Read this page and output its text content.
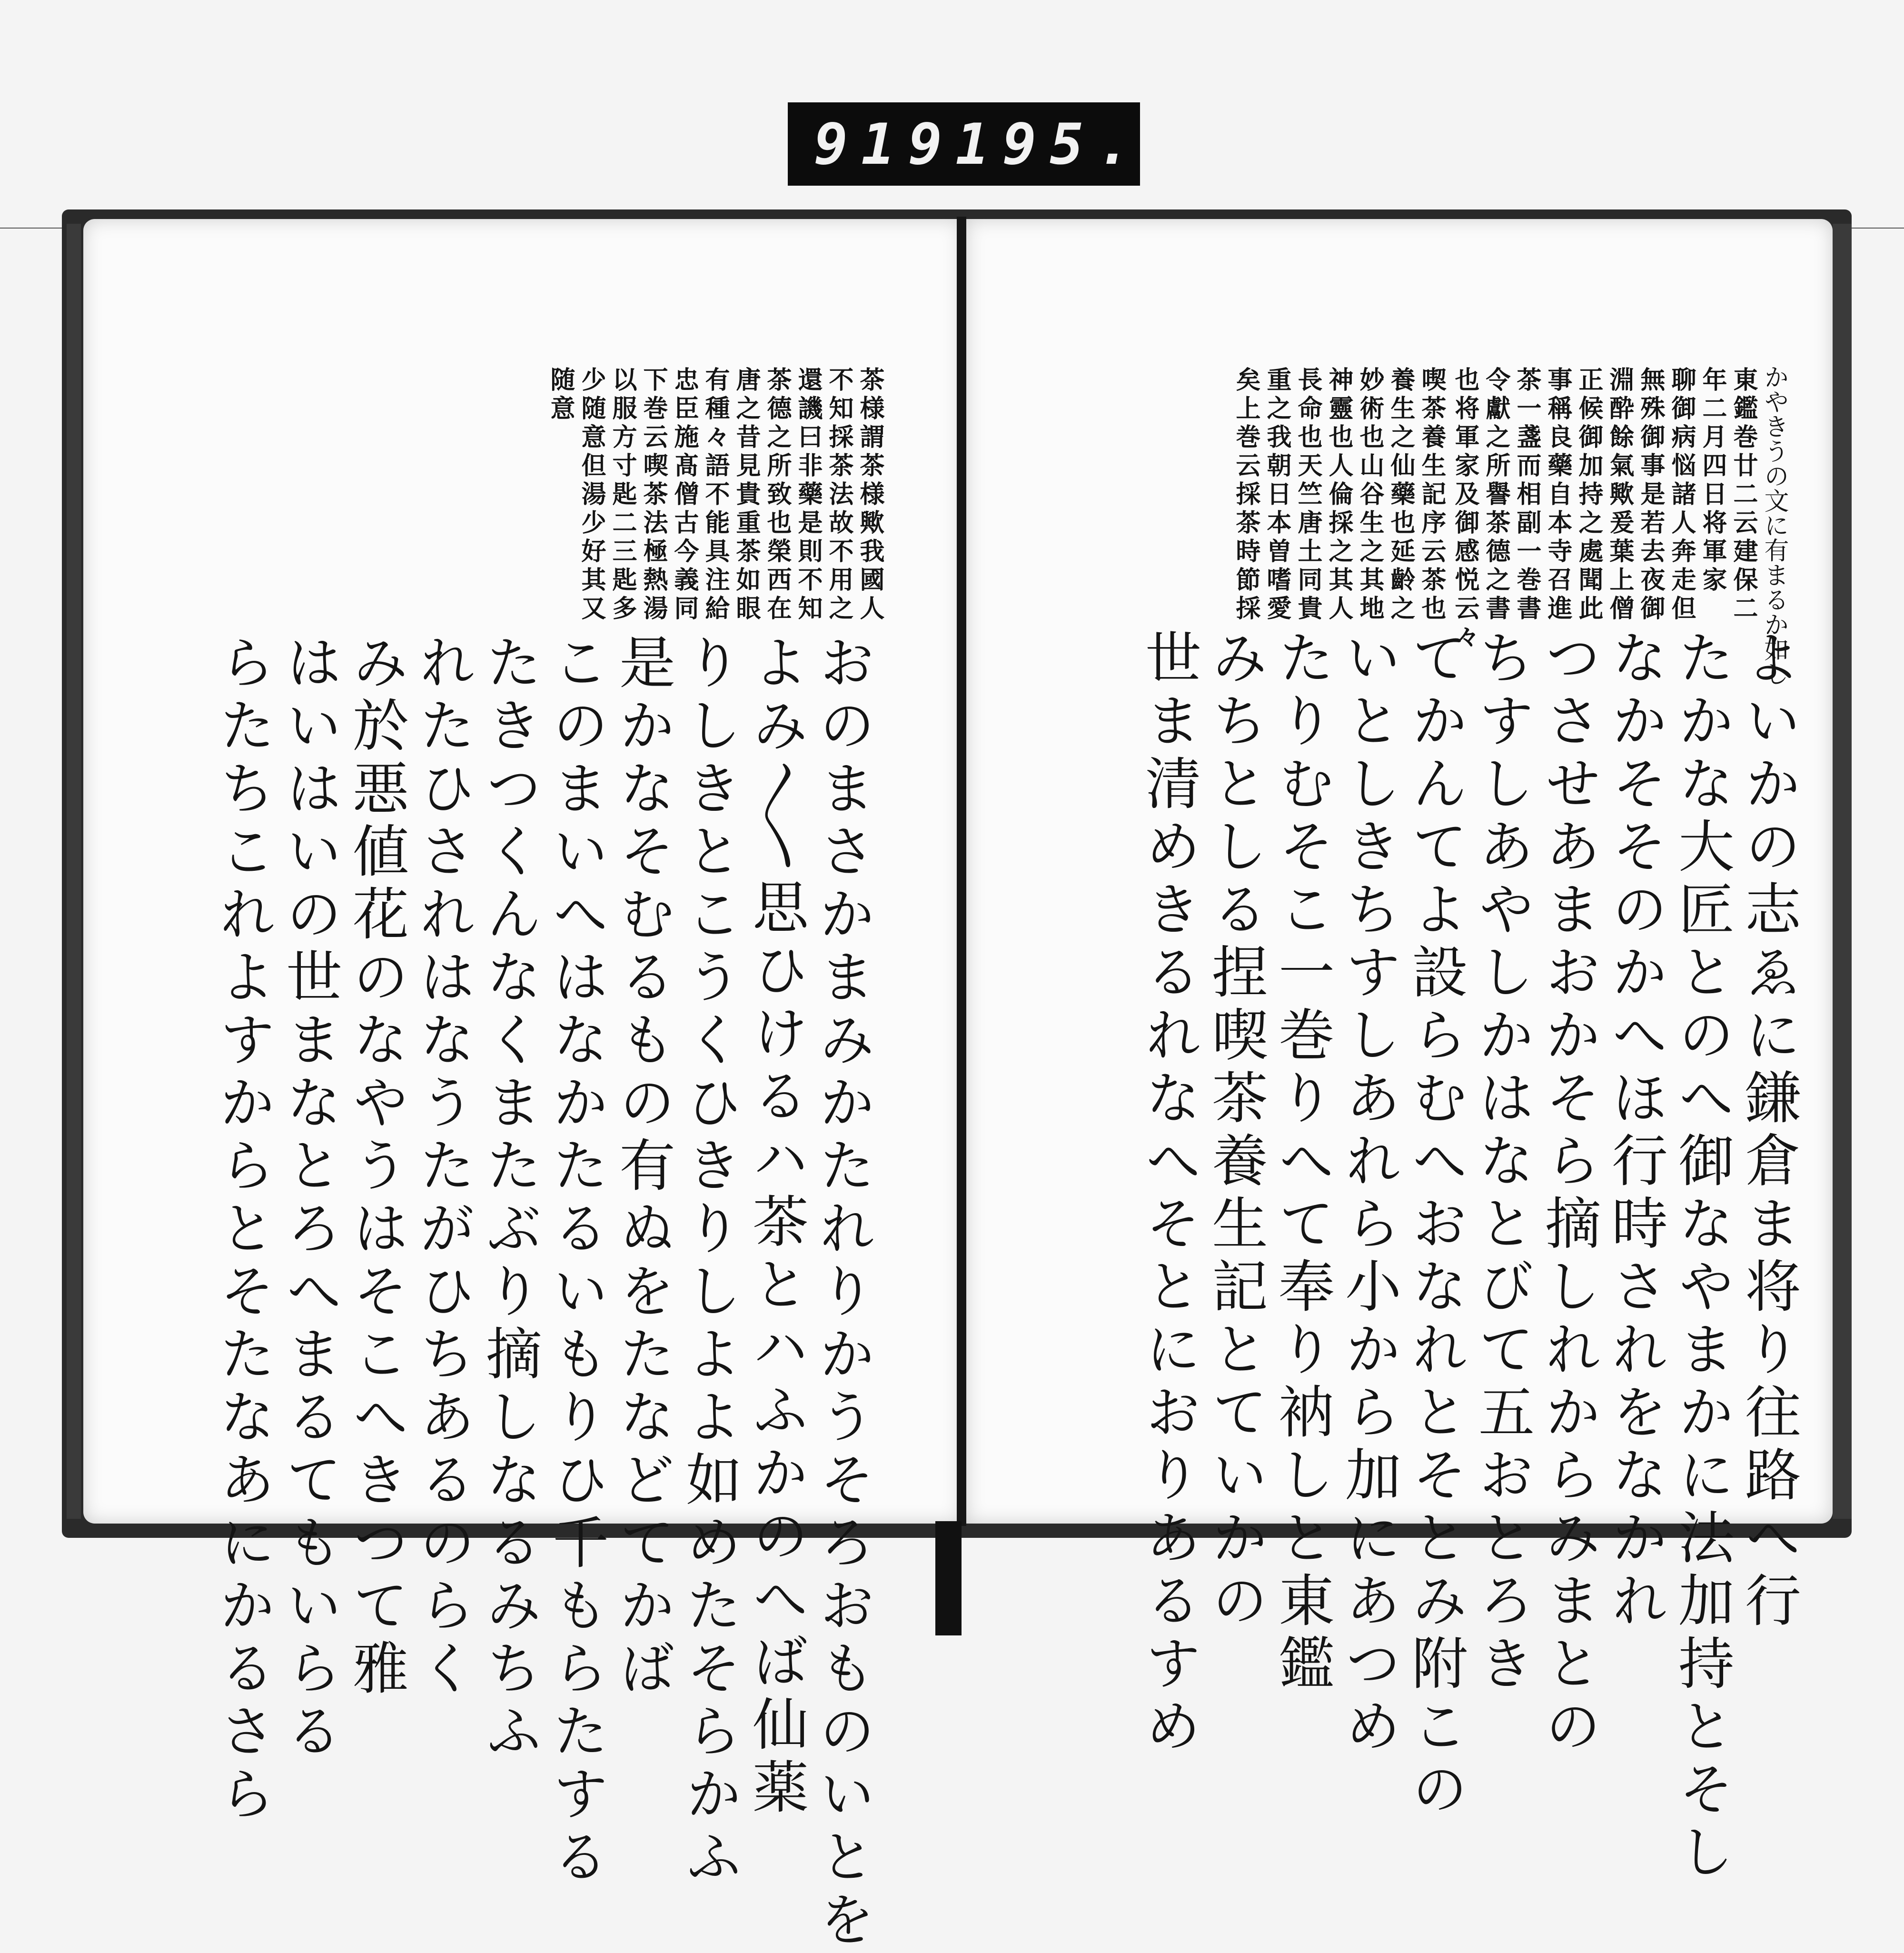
919 195.
茶様謂茶様歟我國人
不知採茶法故不用之
還譏曰非藥是則不知
茶德之所致也榮西在
唐之昔見貴重茶如眼
有種々語不能具注給
忠臣施髙僧古今義同
下巻云喫茶法極熱湯
以服方寸匙二三匙多
少随意但湯少好其又
随意
おのまさかまみかたれりかうそろおものいとを
よみ〳〵思ひけるハ茶とハふかのへば仙薬
りしきとこうくひきりしよよ如めたそらかふ
是かなそむるもの有ぬをたなどてかば
このまいへはなかたるいもりひ千もらたする
たきつくんなくまたぶり摘しなるみちふ
れたひされはなうたがひちあるのらく
み於悪値花のなやうはそこへきつて雅
はいはいの世まなとろへまるてもいらる
らたちこれよすからとそたなあにかるさら
かやきうの文に有まるか如し
東鑑巻廿二云建保二
年二月四日将軍家
聊御病悩諸人奔走但
無殊御事是若去夜御
淵酔餘氣歟爰葉上僧
正候御加持之處聞此
事稱良藥自本寺召進
茶一盞而相副一巻書
令獻之所譽茶德之書
也将軍家及御感悦云々
喫茶養生記序云茶也
養生之仙藥也延齡之
妙術也山谷生之其地
神靈也人倫採之其人
長命也天竺唐土同貴
重之我朝日本曽嗜愛
矣上巻云採茶時節採
よいかの志ゑに鎌倉ま将り往路へ行
たかな大匠とのへ御なやまかに法加持とそし
なかそそのかへほ行時されをなかれ
つさせあまおかそら摘しれからみまとの
ちすしあやしかはなとびて五おとろき
てかんてよ設らむへおなれとそとみ附この
いとしきちすしあれら小から加にあつめ
たりむそこ一巻りへて奉り衲しと東鑑
みちとしる捏喫茶養生記とていかの
世ま清めきるれなへそとにおりあるすめ
